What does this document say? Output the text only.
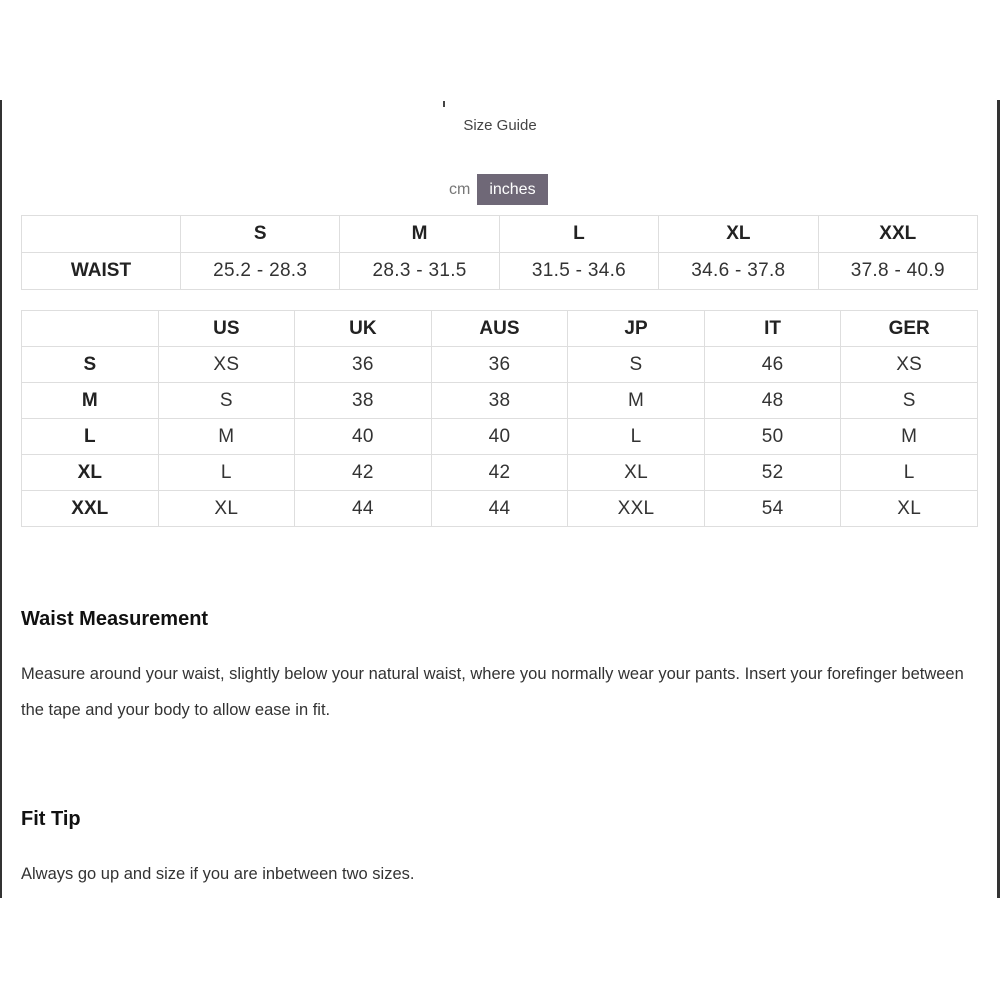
Size Guide
cm	inches
	S	M	L	XL	XXL
WAIST	25.2 - 28.3	28.3 - 31.5	31.5 - 34.6	34.6 - 37.8	37.8 - 40.9
	US	UK	AUS	JP	IT	GER
S	XS	36	36	S	46	XS
M	S	38	38	M	48	S
L	M	40	40	L	50	M
XL	L	42	42	XL	52	L
XXL	XL	44	44	XXL	54	XL
Waist Measurement
Measure around your waist, slightly below your natural waist, where you normally wear your pants. Insert your forefinger between the tape and your body to allow ease in fit.
Fit Tip
Always go up and size if you are inbetween two sizes.
